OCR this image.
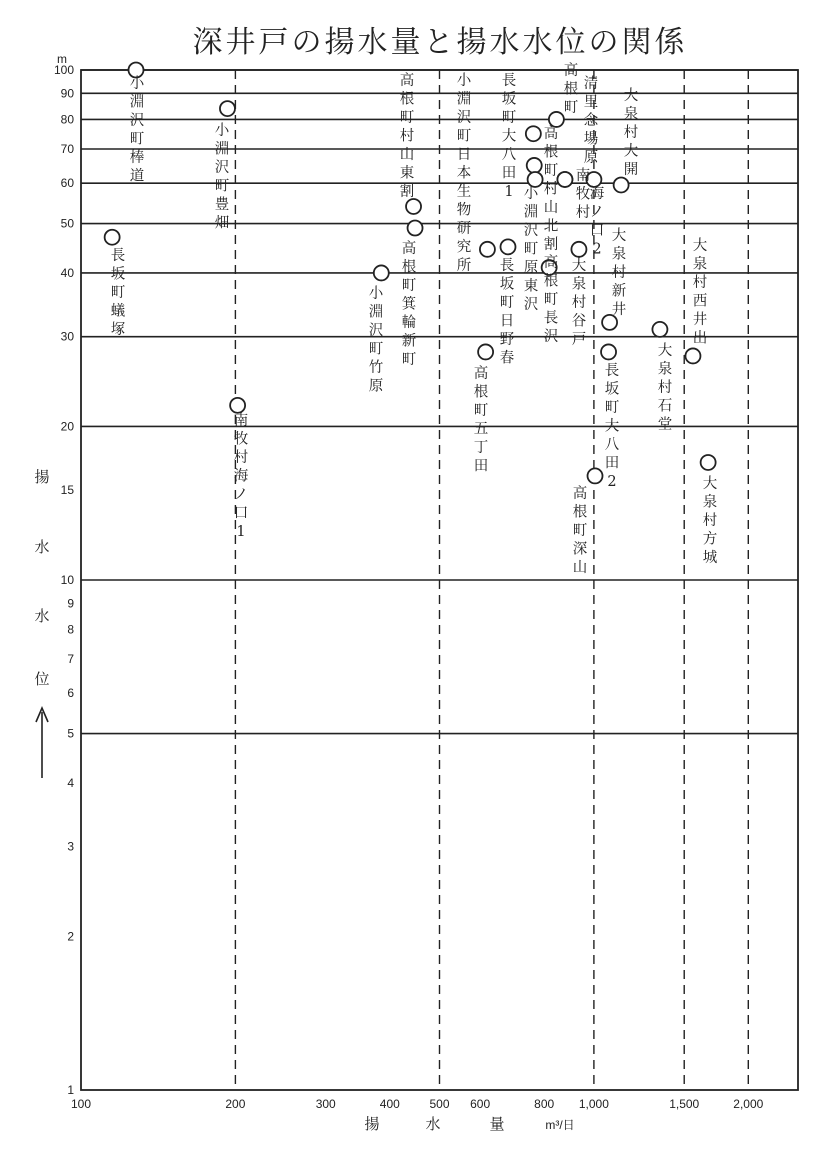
深井戸の揚水量と揚水水位の関係
100
90
80
70
60
50
40
30
20
15
10
9
8
7
6
5
4
3
2
1
100	200	300	400 500 600	800 1,000	1,500	2,000
m
揚
水
水
位
揚	水	量	m³/日
小淵沢町棒道
長坂町蟻塚
小淵沢町豊畑
南牧村海ノ口 1
小淵沢町竹原
高根町村山東割
高根町箕輪新町
小淵沢町日本生物研究所
高根町五丁田
長坂町日野春
長坂町大八田 1
高根町村山北割
小淵沢町原東沢
高根町長沢
高根町
南牧村
清里念場原
大泉村谷戸
海ノ口 2
大泉村大開
大泉村新井
長坂町大八田 2
高根町深山
大泉村石堂
大泉村西井出
大泉村方城
